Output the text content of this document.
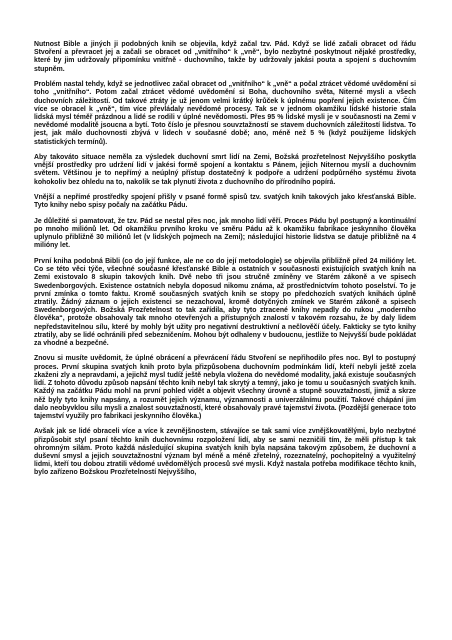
Nutnost Bible a jiných ji podobných knih se objevila, když začal tzv. Pád. Když se lidé začali obracet od řádu Stvoření a převracet jej a začali se obracet od „vnitřního“ k „vně“, bylo nezbytné poskytnout nějaké prostředky, které by jim udržovaly připomínku vnitřně - duchovního, takže by udržovaly jakási pouta a spojení s duchovním stupněm.

Problém nastal tehdy, když se jednotlivec začal obracet od „vnitřního“ k „vně“ a počal ztrácet vědomé uvědomění si toho „vnitřního“. Potom začal ztrácet vědomé uvědomění si Boha, duchovního světa, Niterné mysli a všech duchovních záležitostí. Od takové ztráty je už jenom velmi krátký krůček k úplnému popření jejich existence. Čím více se obracel k „vně“, tím více převládaly nevědomé procesy. Tak se v jednom okamžiku lidské historie stala lidská mysl téměř prázdnou a lidé se rodili v úplné nevědomosti. Přes 95 % lidské mysli je v současnosti na Zemi v nevědomé modalitě jsoucna a bytí. Toto číslo je přesnou souvztažností se stavem duchovních záležitostí lidstva. To jest, jak málo duchovnosti zbývá v lidech v současné době; ano, méně než 5 % (když použijeme lidských statistických termínů).

Aby takováto situace neměla za výsledek duchovní smrt lidí na Zemi, Božská prozřetelnost Nejvyššího poskytla vnější prostředky pro udržení lidí v jakési formě spojení a kontaktu s Pánem, jejich Niternou myslí a duchovním světem. Většinou je to nepřímý a neúplný přístup dostatečný k podpoře a udržení podpůrného systému života kohokoliv bez ohledu na to, nakolik se tak plynutí života z duchovního do přírodního popírá.

Vnější a nepřímé prostředky spojení přišly v psané formě spisů tzv. svatých knih takových jako křesťanská Bible. Tyto knihy nebo spisy počaly na začátku Pádu.

Je důležité si pamatovat, že tzv. Pád se nestal přes noc, jak mnoho lidí věří. Proces Pádu byl postupný a kontinuální po mnoho miliónů let. Od okamžiku prvního kroku ve směru Pádu až k okamžiku fabrikace jeskynního člověka uplynulo přibližně 30 miliónů let (v lidských pojmech na Zemi); následující historie lidstva se datuje přibližně na 4 milióny let.

První kniha podobná Bibli (co do její funkce, ale ne co do její metodologie) se objevila přibližně před 24 milióny let. Co se této věci týče, všechné současné křesťanské Bible a ostatních v současnosti existujících svatých knih na Zemi existovalo 8 skupin takových knih. Dvě nebo tři jsou stručně zmíněny ve Starém zákoně a ve spisech Swedenborgových. Existence ostatních nebyla doposud nikomu známa, až prostřednictvím tohoto poselství. To je první zmínka o tomto faktu. Kromě současných svatých knih se stopy po předchozích svatých knihách úplně ztratily. Žádný záznam o jejich existenci se nezachoval, kromě dotyčných zmínek ve Starém zákoně a spisech Swedenborgových. Božská Prozřetelnost to tak zařídila, aby tyto ztracené knihy nepadly do rukou „moderního člověka“, protože obsahovaly tak mnoho otevřených a přístupných znalostí v takovém rozsahu, že by daly lidem nepředstavitelnou sílu, které by mohly být užity pro negativní destruktivní a nečlověčí účely. Fakticky se tyto knihy ztratily, aby se lidé ochránili před sebezničením. Mohou být odhaleny v budoucnu, jestliže to Nejvyšší bude pokládat za vhodné a bezpečné.

Znovu si musíte uvědomit, že úplné obrácení a převrácení řádu Stvoření se nepřihodilo přes noc. Byl to postupný proces. První skupina svatých knih proto byla přizpůsobena duchovním podmínkám lidí, kteří nebyli ještě zcela zkaženi zly a nepravdami, a jejichž mysl tudíž ještě nebyla vložena do nevědomé modality, jaká existuje současných lidí. Z tohoto důvodu způsob napsání těchto knih nebyl tak skrytý a temný, jako je tomu u současných svatých knih. Každý na začátku Pádu mohl na první pohled vidět a objevit všechny úrovně a stupně souvztažností, jimiž a skrze něž byly tyto knihy napsány, a rozumět jejich významu, významnosti a univerzálnímu použití. Takové chápání jim dalo neobyvklou sílu mysli a znalost souvztažností, které obsahovaly pravé tajemství života. (Pozdější generace toto tajemství využily pro fabrikaci jeskynního člověka.)

Avšak jak se lidé obraceli více a více k zevnějšnostem, stávajíce se tak sami více zvnějškovatělými, bylo nezbytné přizpůsobit styl psaní těchto knih duchovnímu rozpoložení lidí, aby se sami nezničili tím, že měli přístup k tak ohromným silám. Proto každá následující skupina svatých knih byla napsána takovým způsobem, že duchovní a duševní smysl a jejich souvztažnostní význam byl méně a méně zřetelný, rozeznatelný, pochopitelný a využitelný lidmi, kteří tou dobou ztratili vědomé uvědomělých procesů své mysli. Když nastala potřeba modifikace těchto knih, bylo zařízeno Božskou Prozřetelností Nejvyššího,
